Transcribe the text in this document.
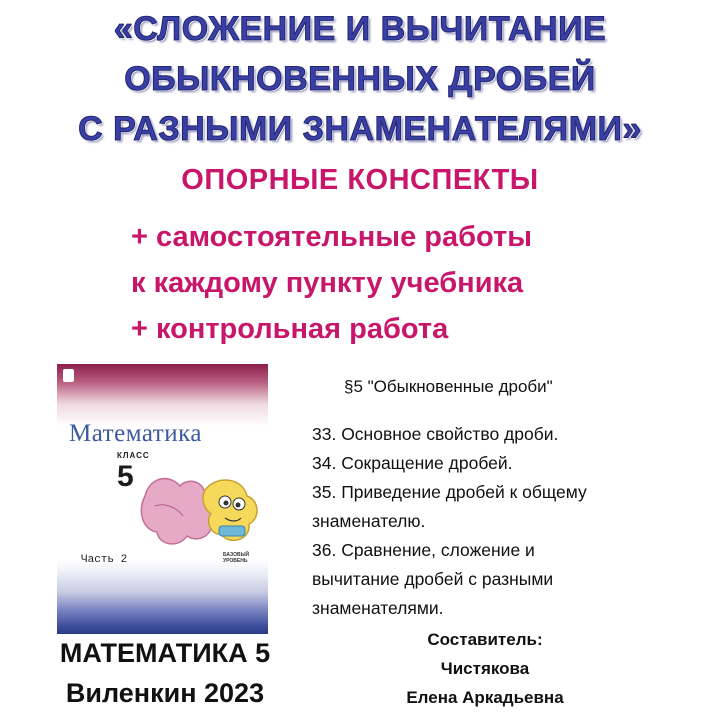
«СЛОЖЕНИЕ И ВЫЧИТАНИЕ
ОБЫКНОВЕННЫХ ДРОБЕЙ
С РАЗНЫМИ ЗНАМЕНАТЕЛЯМИ»
ОПОРНЫЕ КОНСПЕКТЫ
+ самостоятельные работы
к каждому пункту учебника
+ контрольная работа
Математика
КЛАСС
5
Часть 2	БАЗОВЫЙ УРОВЕНЬ
МАТЕМАТИКА 5
Виленкин 2023
§5 "Обыкновенные дроби"
33. Основное свойство дроби.
34. Сокращение дробей.
35. Приведение дробей к общему
знаменателю.
36. Сравнение, сложение и
вычитание дробей с разными
знаменателями.
Составитель:
Чистякова
Елена Аркадьевна
